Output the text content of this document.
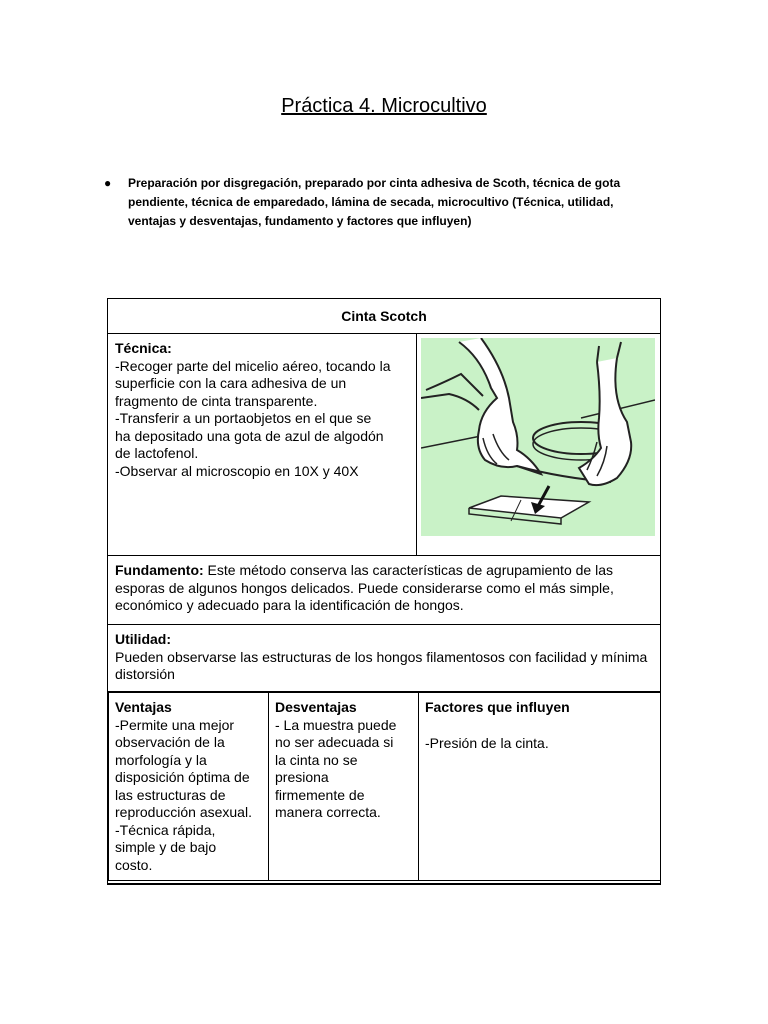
Práctica 4. Microcultivo
● Preparación por disgregación, preparado por cinta adhesiva de Scoth, técnica de gota pendiente, técnica de emparedado, lámina de secada, microcultivo (Técnica, utilidad, ventajas y desventajas, fundamento y factores que influyen)
Cinta Scotch

Técnica:
-Recoger parte del micelio aéreo, tocando la
superficie con la cara adhesiva de un
fragmento de cinta transparente.
-Transferir a un portaobjetos en el que se
ha depositado una gota de azul de algodón
de lactofenol.
-Observar al microscopio en 10X y 40X

Fundamento: Este método conserva las características de agrupamiento de las esporas de algunos hongos delicados. Puede considerarse como el más simple, económico y adecuado para la identificación de hongos.

Utilidad:
Pueden observarse las estructuras de los hongos filamentosos con facilidad y mínima distorsión

Ventajas
-Permite una mejor
observación de la
morfología y la
disposición óptima de
las estructuras de
reproducción asexual.
-Técnica rápida,
simple y de bajo
costo.

Desventajas
- La muestra puede
no ser adecuada si
la cinta no se
presiona
firmemente de
manera correcta.

Factores que influyen
-Presión de la cinta.
